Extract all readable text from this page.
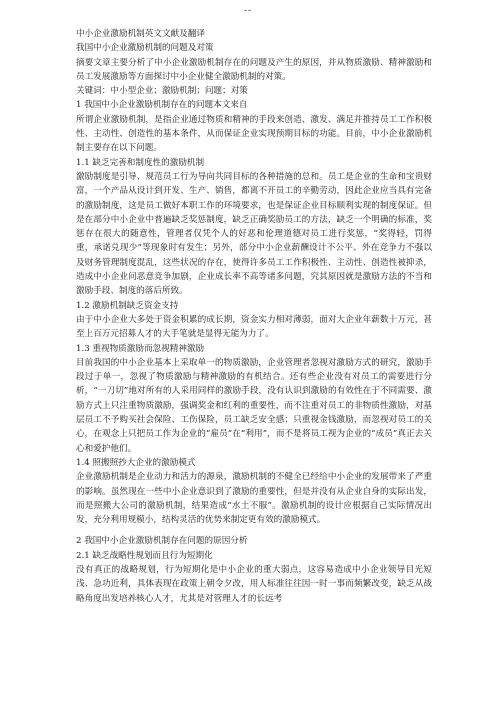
--

中小企业激励机制英文文献及翻译

我国中小企业激励机制的问题及对策

摘要文章主要分析了中小企业激励机制存在的问题及产生的原因，并从物质激励、精神激励和员工发展激励等方面探讨中小企业健全激励机制的对策。

关键词：中小型企业；激励机制；问题；对策

1 我国中小企业激励机制存在的问题本文来自

所谓企业激励机制，是指企业通过物质和精神的手段来创造、激发、满足并推持员工工作积极性、主动性、创造性的基本条件，从而保证企业实现预期目标的功能。目前，中小企业激励机制主要存在以下问题。

1.1 缺乏完善和制度性的激励机制

激励制度是引导、规范员工行为导向共同目标的各种措施的总和。员工是企业的生命和宝贵财富，一个产品从设计到开发、生产、销售，都离不开员工的辛勤劳动，因此企业应当具有完备的激励制度，这是员工做好本职工作的环境要求，也是保证企业目标顺利实现的制度保证。但是在部分中小企业中普遍缺乏奖惩制度，缺乏正确奖励员工的方法，缺乏一个明确的标准，奖惩存在很大的随意性，管理者仅凭个人的好恶和伦理道德对员工进行奖惩，“奖得轻，罚得重，承诺兑现少”等现象时有发生；另外，部分中小企业薪酬设计不公平、外在竞争力不强以及财务管理制度混乱，这些状况的存在，使得许多员工工作积极性、主动性、创造性被抑杀，造成中小企业问恶意竞争加剧，企业成长率不高等诸多问题，究其原因就是激励方法的不当和激励手段、制度的落后所致。

1.2 激励机制缺乏资金支持

由于中小企业大多处于资金积累的成长期，资金实力相对薄弱，面对大企业年薪数十万元，甚至上百万元招募人才的大手笔就是显得无能为力了。

1.3 重视物质激励而忽视精神激励

目前我国的中小企业基本上采取单一的物质激励，企业管理者忽视对激励方式的研究，激励手段过于单一，忽视了物质激励与精神激励的有机结合。还有些企业没有对员工的需要进行分析，“一刀切”地对所有的人采用同样的激励手段，没有认识到激励的有效性在于不同需要、激励方式上只注重物质激励，强调奖金和红利的重要性，而不注重对员工的非物质性激励，对基层员工不予购买社会保险、工伤保险，员工缺乏安全感；只重视金钱激励，而忽视对员工的关心，在观念上只把员工作为企业的“雇员”在“利用”，而不是将员工视为企业的“成员”真正去关心和爱护他们。

1.4 照搬照抄大企业的激励模式

企业激励机制是企业动力和活力的源泉，激励机制的不健全已经给中小企业的发展带来了严重的影响。虽然现在一些中小企业意识到了激励的重要性，但是并没有从企业自身的实际出发，而是照搬大公司的激励机制，结果造成“水土不服”。激励机制的设计应根据自己实际情况出发，充分利用规模小，结构灵活的优势来制定更有效的激励模式。

2 我国中小企业激励机制存在问题的原因分析

2.1 缺乏战略性规划而且行为短期化

没有真正的战略规划，行为短期化是中小企业的重大弱点，这容易造成中小企业领导目光短浅、急功近利，具体表现在政策上朝令夕改，用人标准往往因一时一事而频繁改变，缺乏从战略角度出发培养核心人才，尤其是对管理人才的长远考
